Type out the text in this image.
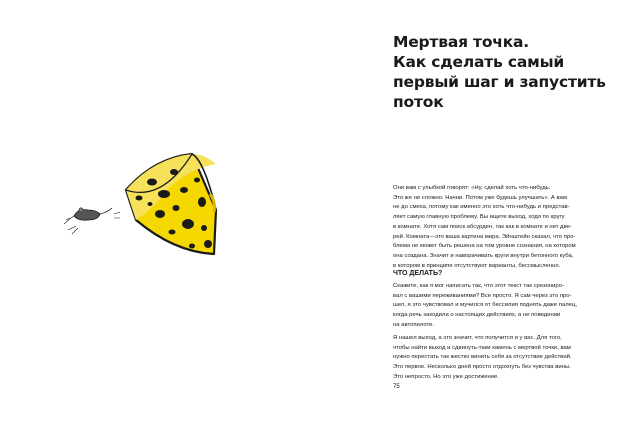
Мертвая точка.
Как сделать самый
первый шаг и запустить
поток

Они вам с улыбкой говорят: «Ну, сделай хоть что-нибудь.
Это же не сложно. Начни. Потом уже будешь улучшать». А вам
не до смеха, потому как именно это хоть что-нибудь и представ-
ляет самую главную проблему. Вы ищете выход, ходя по кругу
в комнате. Хотя сам поиск абсурден, так как в комнате и нет две-
рей. Комната—это ваша картина мира. Эйнштейн сказал, что про-
блема не может быть решена на том уровне сознания, на котором
она создана. Значит и наворачивать круги внутри бетонного куба,
в котором в принципе отсутствуют варианты, бессмысленно.

ЧТО ДЕЛАТЬ?

Скажите, как я мог написать так, что этот текст так срезониро-
вал с вашими переживаниями? Все просто. Я сам через это про-
шел, я это чувствовал и мучился от бессилия поднять даже палец,
когда речь заходила о настоящих действиях, а не поведении
на автопилоте.

Я нашел выход, а это значит, что получится и у вас. Для того,
чтобы найти выход и сдвинуть-таки камень с мертвой точки, вам
нужно перестать так жестко винить себя за отсутствие действий.
Это первое. Несколько дней просто отдохнуть без чувства вины.
Это непросто. Но это уже достижение.

75
